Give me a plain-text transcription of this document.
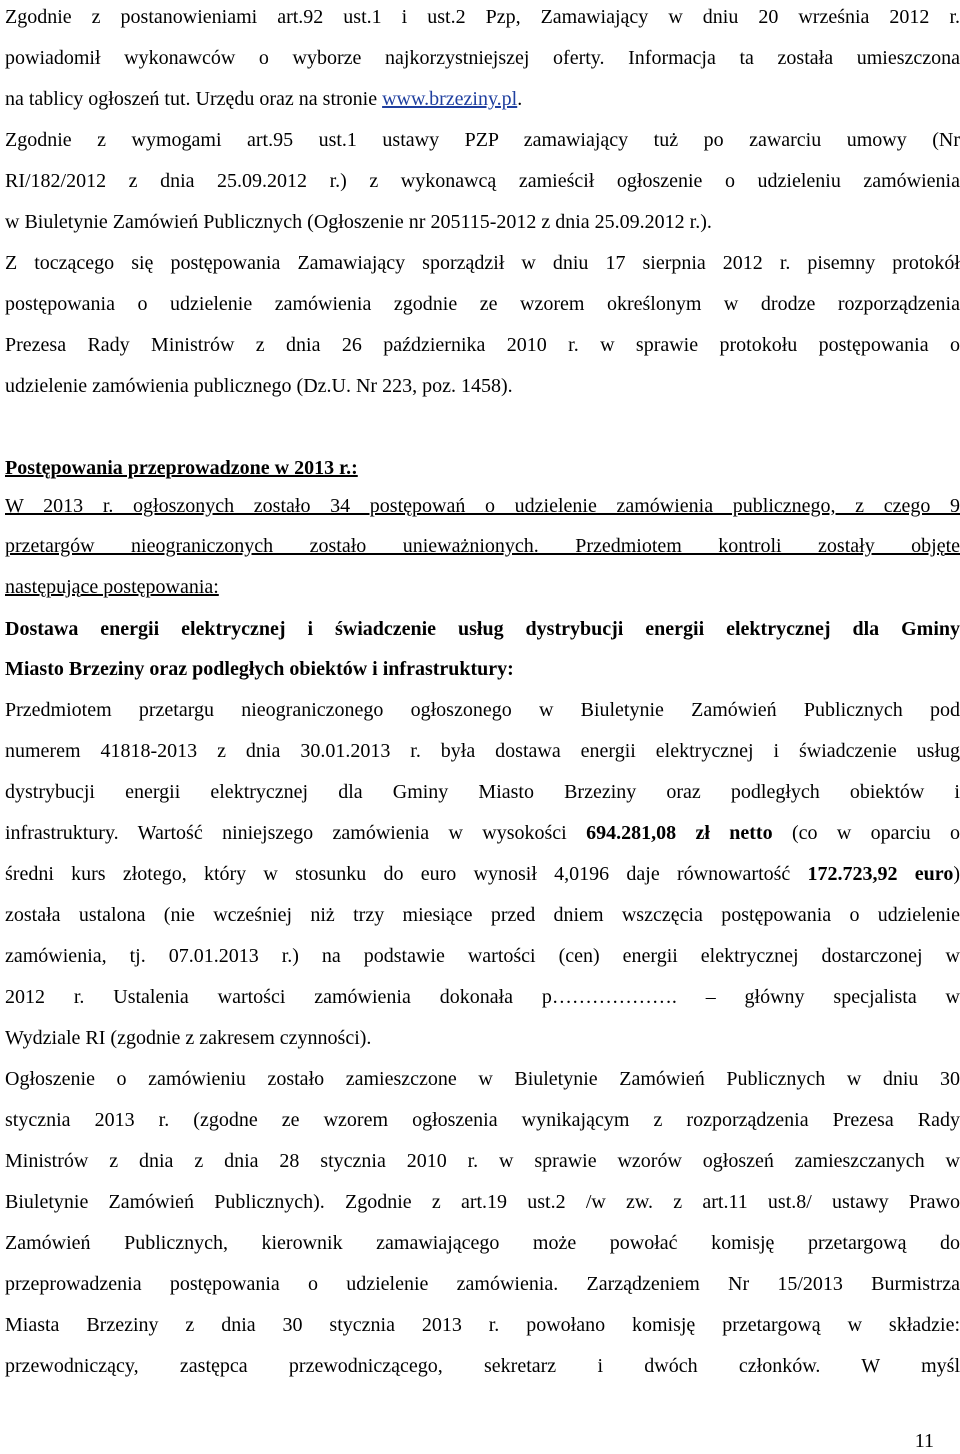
Zgodnie z postanowieniami art.92 ust.1 i ust.2 Pzp, Zamawiający w dniu 20 września 2012 r.
powiadomił wykonawców o wyborze najkorzystniejszej oferty. Informacja ta została umieszczona
na tablicy ogłoszeń tut. Urzędu oraz na stronie www.brzeziny.pl.
Zgodnie z wymogami art.95 ust.1 ustawy PZP zamawiający tuż po zawarciu umowy (Nr
RI/182/2012 z dnia 25.09.2012 r.) z wykonawcą zamieścił ogłoszenie o udzieleniu zamówienia
w Biuletynie Zamówień Publicznych (Ogłoszenie nr 205115-2012 z dnia 25.09.2012 r.).
Z toczącego się postępowania Zamawiający sporządził w dniu 17 sierpnia 2012 r. pisemny protokół
postępowania o udzielenie zamówienia zgodnie ze wzorem określonym w drodze rozporządzenia
Prezesa Rady Ministrów z dnia 26 października 2010 r. w sprawie protokołu postępowania o
udzielenie zamówienia publicznego (Dz.U. Nr 223, poz. 1458).
Postępowania przeprowadzone w 2013 r.:
W 2013 r. ogłoszonych zostało 34 postępowań o udzielenie zamówienia publicznego, z czego 9
przetargów nieograniczonych zostało unieważnionych. Przedmiotem kontroli zostały objęte
następujące postępowania:
Dostawa energii elektrycznej i świadczenie usług dystrybucji energii elektrycznej dla Gminy
Miasto Brzeziny oraz podległych obiektów i infrastruktury:
Przedmiotem przetargu nieograniczonego ogłoszonego w Biuletynie Zamówień Publicznych pod
numerem 41818-2013 z dnia 30.01.2013 r. była dostawa energii elektrycznej i świadczenie usług
dystrybucji energii elektrycznej dla Gminy Miasto Brzeziny oraz podległych obiektów i
infrastruktury. Wartość niniejszego zamówienia w wysokości 694.281,08 zł netto (co w oparciu o
średni kurs złotego, który w stosunku do euro wynosił 4,0196 daje równowartość 172.723,92 euro)
została ustalona (nie wcześniej niż trzy miesiące przed dniem wszczęcia postępowania o udzielenie
zamówienia, tj. 07.01.2013 r.) na podstawie wartości (cen) energii elektrycznej dostarczonej w
2012 r. Ustalenia wartości zamówienia dokonała p………………. – główny specjalista w
Wydziale RI (zgodnie z zakresem czynności).
Ogłoszenie o zamówieniu zostało zamieszczone w Biuletynie Zamówień Publicznych w dniu 30
stycznia 2013 r. (zgodne ze wzorem ogłoszenia wynikającym z rozporządzenia Prezesa Rady
Ministrów z dnia z dnia 28 stycznia 2010 r. w sprawie wzorów ogłoszeń zamieszczanych w
Biuletynie Zamówień Publicznych). Zgodnie z art.19 ust.2 /w zw. z art.11 ust.8/ ustawy Prawo
Zamówień Publicznych, kierownik zamawiającego może powołać komisję przetargową do
przeprowadzenia postępowania o udzielenie zamówienia. Zarządzeniem Nr 15/2013 Burmistrza
Miasta Brzeziny z dnia 30 stycznia 2013 r. powołano komisję przetargową w składzie:
przewodniczący, zastępca przewodniczącego, sekretarz i dwóch członków. W myśl
11
